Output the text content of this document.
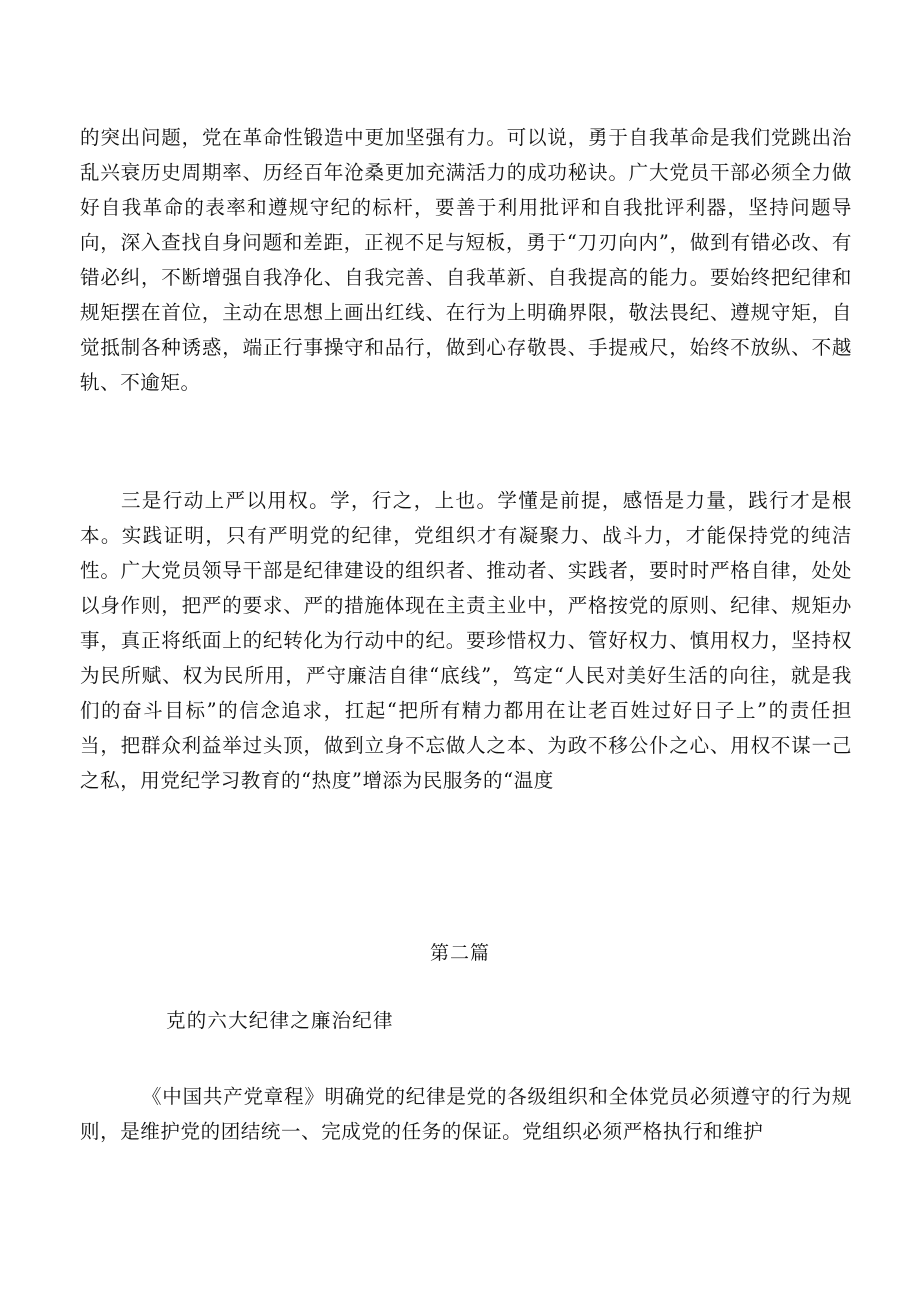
的突出问题，党在革命性锻造中更加坚强有力。可以说，勇于自我革命是我们党跳出治乱兴衰历史周期率、历经百年沧桑更加充满活力的成功秘诀。广大党员干部必须全力做好自我革命的表率和遵规守纪的标杆，要善于利用批评和自我批评利器，坚持问题导向，深入查找自身问题和差距，正视不足与短板，勇于“刀刃向内”，做到有错必改、有错必纠，不断增强自我净化、自我完善、自我革新、自我提高的能力。要始终把纪律和规矩摆在首位，主动在思想上画出红线、在行为上明确界限，敬法畏纪、遵规守矩，自觉抵制各种诱惑，端正行事操守和品行，做到心存敬畏、手提戒尺，始终不放纵、不越轨、不逾矩。

三是行动上严以用权。学，行之，上也。学懂是前提，感悟是力量，践行才是根本。实践证明，只有严明党的纪律，党组织才有凝聚力、战斗力，才能保持党的纯洁性。广大党员领导干部是纪律建设的组织者、推动者、实践者，要时时严格自律，处处以身作则，把严的要求、严的措施体现在主责主业中，严格按党的原则、纪律、规矩办事，真正将纸面上的纪转化为行动中的纪。要珍惜权力、管好权力、慎用权力，坚持权为民所赋、权为民所用，严守廉洁自律“底线”，笃定“人民对美好生活的向往，就是我们的奋斗目标”的信念追求，扛起“把所有精力都用在让老百姓过好日子上”的责任担当，把群众利益举过头顶，做到立身不忘做人之本、为政不移公仆之心、用权不谋一己之私，用党纪学习教育的“热度”增添为民服务的“温度

第二篇

克的六大纪律之廉治纪律

《中国共产党章程》明确党的纪律是党的各级组织和全体党员必须遵守的行为规则，是维护党的团结统一、完成党的任务的保证。党组织必须严格执行和维护
